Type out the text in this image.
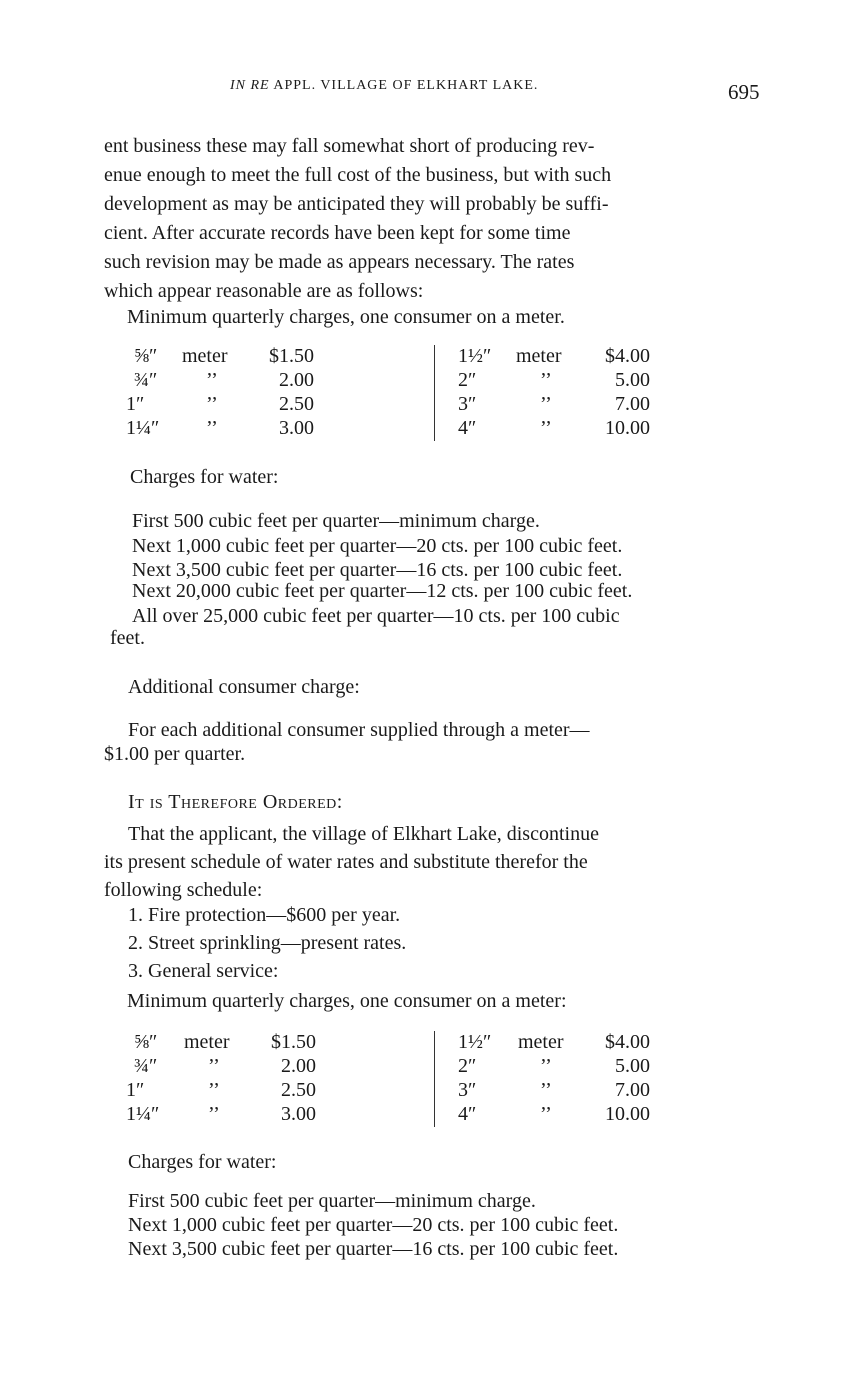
IN RE APPL. VILLAGE OF ELKHART LAKE.	695

ent business these may fall somewhat short of producing rev-

enue enough to meet the full cost of the business, but with such

development as may be anticipated they will probably be suffi-

cient. After accurate records have been kept for some time

such revision may be made as appears necessary. The rates

which appear reasonable are as follows:

Minimum quarterly charges, one consumer on a meter.
⅝″ meter	$1.50
¾″ ’’	2.00
1″	’’	2.50
1¼″ ’’	3.00
1½″ meter	$4.00
2″	’’	5.00
3″	’’	7.00
4″	’’	10.00
Charges for water:
First 500 cubic feet per quarter—minimum charge.
Next 1,000 cubic feet per quarter—20 cts. per 100 cubic feet.
Next 3,500 cubic feet per quarter—16 cts. per 100 cubic feet.
Next 20,000 cubic feet per quarter—12 cts. per 100 cubic feet.
All over 25,000 cubic feet per quarter—10 cts. per 100 cubic
feet.
Additional consumer charge:
For each additional consumer supplied through a meter—
$1.00 per quarter.
It is Therefore Ordered:

That the applicant, the village of Elkhart Lake, discontinue

its present schedule of water rates and substitute therefor the

following schedule:

1. Fire protection—$600 per year.
2. Street sprinkling—present rates.
3. General service:
Minimum quarterly charges, one consumer on a meter:
⅝″ meter	$1.50
¾″	’’	2.00
1″	’’	2.50
1¼″ ’’	3.00
1½″ meter	$4.00
2″	’’	5.00
3″	’’	7.00
4″	’’	10.00
Charges for water:
First 500 cubic feet per quarter—minimum charge.
Next 1,000 cubic feet per quarter—20 cts. per 100 cubic feet.
Next 3,500 cubic feet per quarter—16 cts. per 100 cubic feet.
